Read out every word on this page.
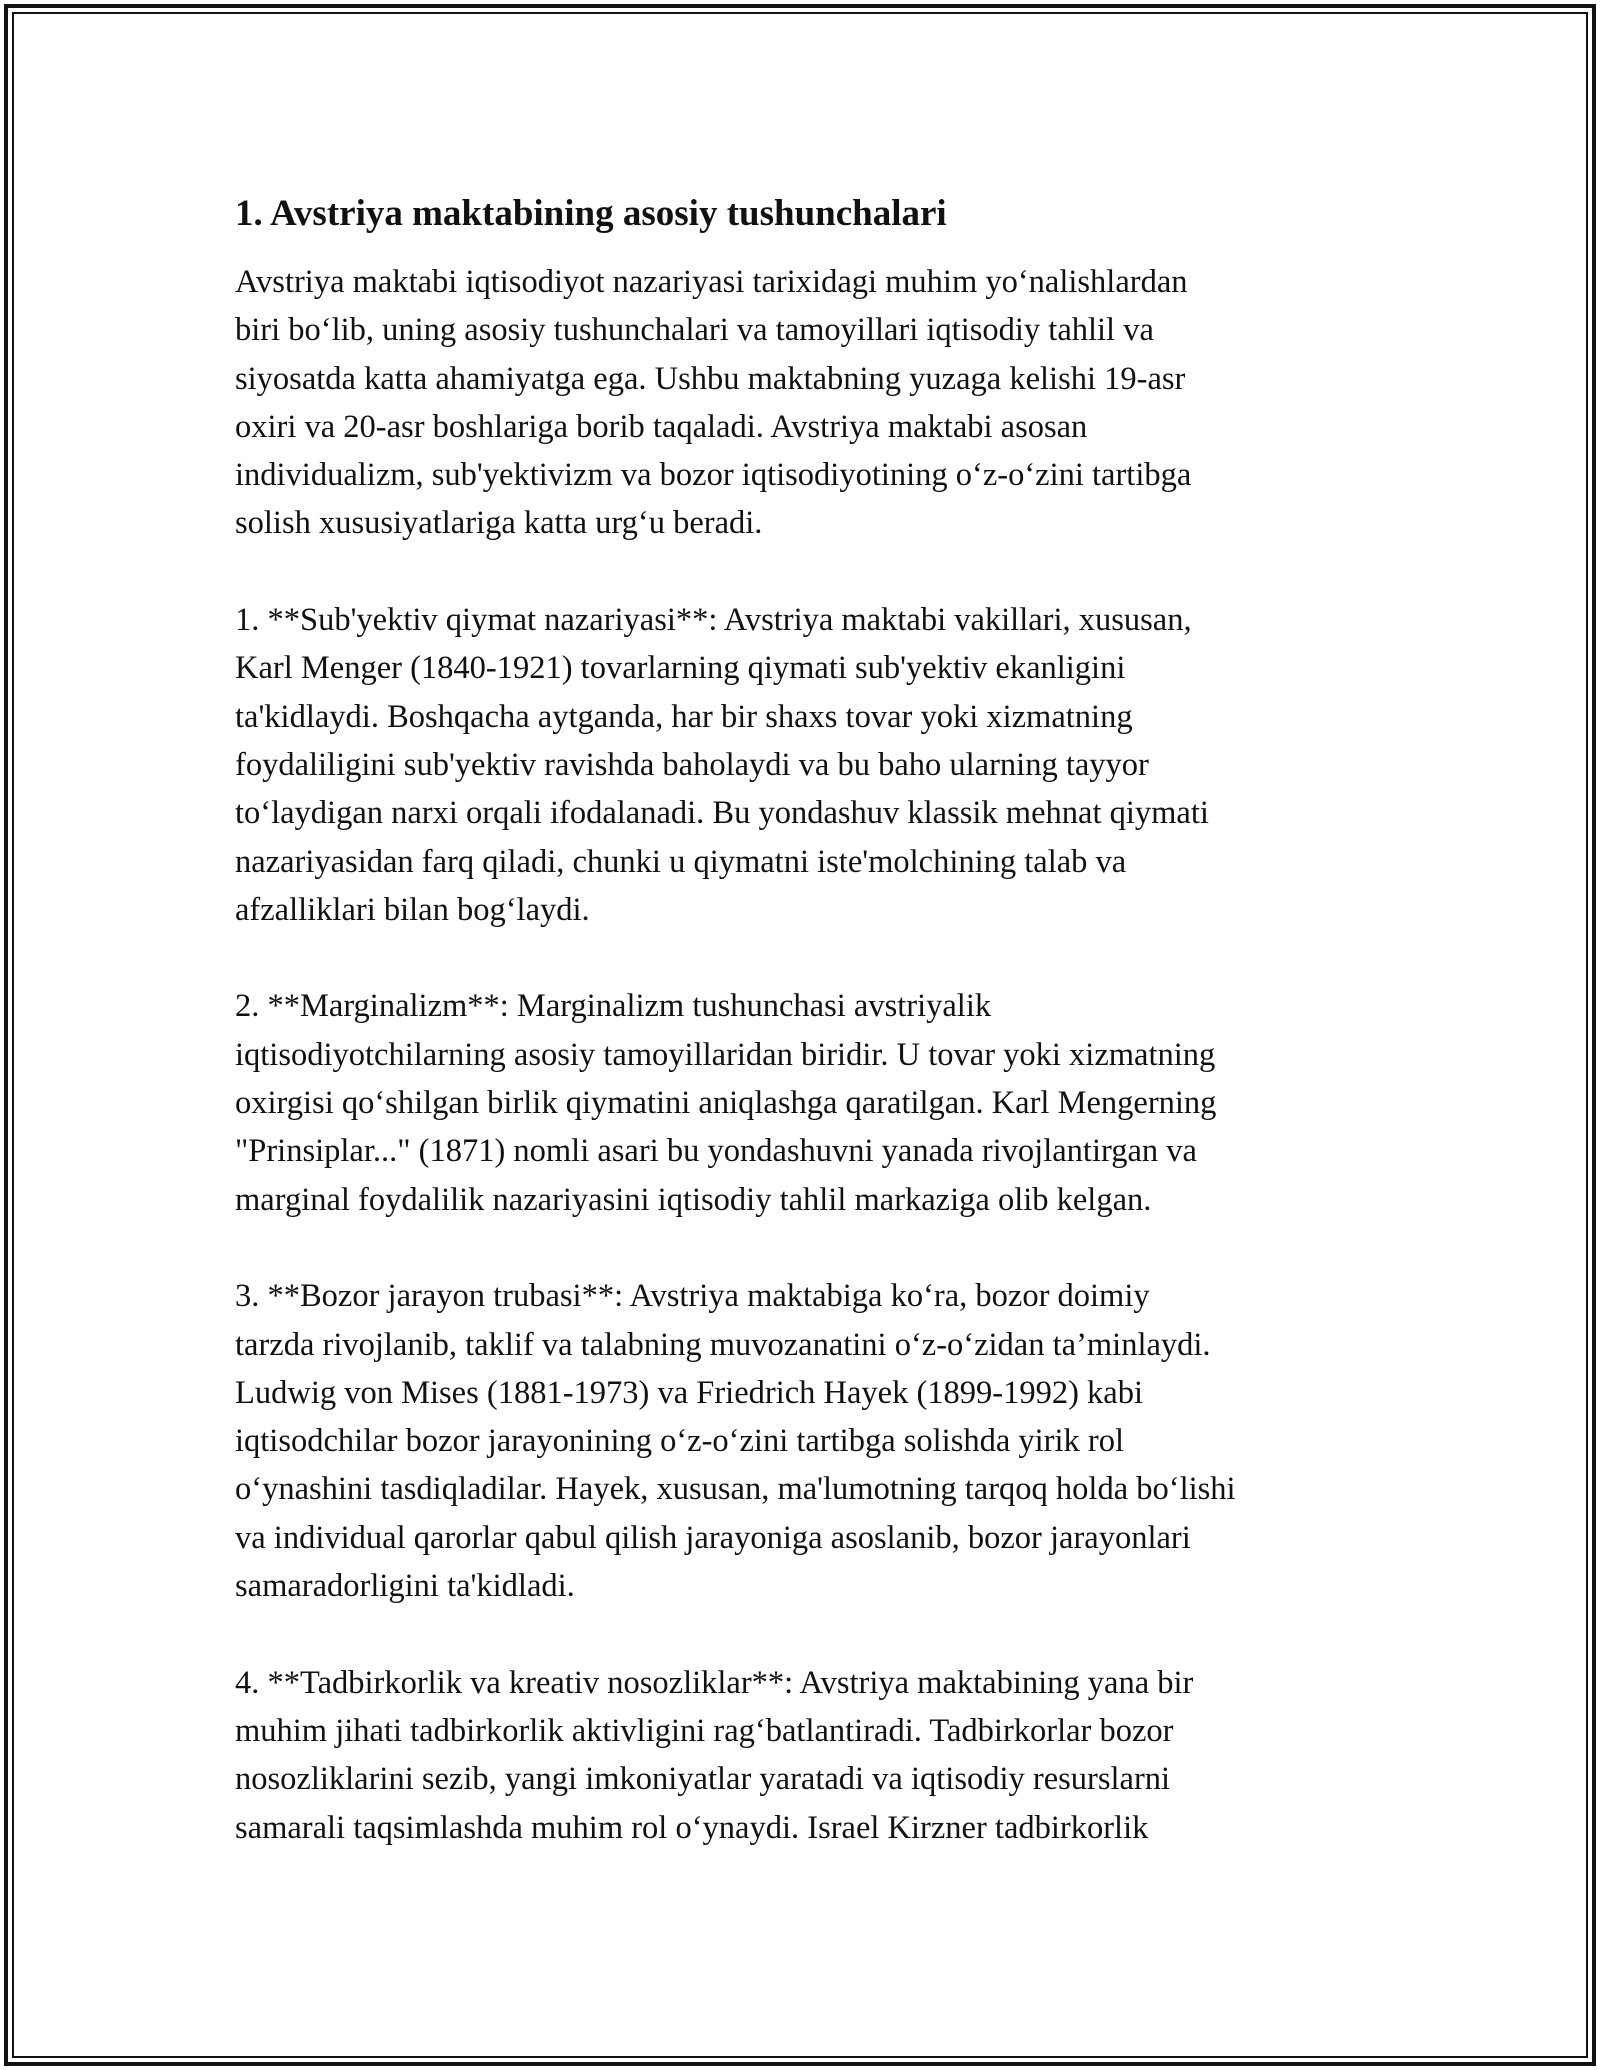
1. Avstriya maktabining asosiy tushunchalari

Avstriya maktabi iqtisodiyot nazariyasi tarixidagi muhim yo‘nalishlardan
biri bo‘lib, uning asosiy tushunchalari va tamoyillari iqtisodiy tahlil va
siyosatda katta ahamiyatga ega. Ushbu maktabning yuzaga kelishi 19-asr
oxiri va 20-asr boshlariga borib taqaladi. Avstriya maktabi asosan
individualizm, sub'yektivizm va bozor iqtisodiyotining o‘z-o‘zini tartibga
solish xususiyatlariga katta urg‘u beradi.

1. **Sub'yektiv qiymat nazariyasi**: Avstriya maktabi vakillari, xususan,
Karl Menger (1840-1921) tovarlarning qiymati sub'yektiv ekanligini
ta'kidlaydi. Boshqacha aytganda, har bir shaxs tovar yoki xizmatning
foydaliligini sub'yektiv ravishda baholaydi va bu baho ularning tayyor
to‘laydigan narxi orqali ifodalanadi. Bu yondashuv klassik mehnat qiymati
nazariyasidan farq qiladi, chunki u qiymatni iste'molchining talab va
afzalliklari bilan bog‘laydi.

2. **Marginalizm**: Marginalizm tushunchasi avstriyalik
iqtisodiyotchilarning asosiy tamoyillaridan biridir. U tovar yoki xizmatning
oxirgisi qo‘shilgan birlik qiymatini aniqlashga qaratilgan. Karl Mengerning
"Prinsiplar..." (1871) nomli asari bu yondashuvni yanada rivojlantirgan va
marginal foydalilik nazariyasini iqtisodiy tahlil markaziga olib kelgan.

3. **Bozor jarayon trubasi**: Avstriya maktabiga ko‘ra, bozor doimiy
tarzda rivojlanib, taklif va talabning muvozanatini o‘z-o‘zidan ta’minlaydi.
Ludwig von Mises (1881-1973) va Friedrich Hayek (1899-1992) kabi
iqtisodchilar bozor jarayonining o‘z-o‘zini tartibga solishda yirik rol
o‘ynashini tasdiqladilar. Hayek, xususan, ma'lumotning tarqoq holda bo‘lishi
va individual qarorlar qabul qilish jarayoniga asoslanib, bozor jarayonlari
samaradorligini ta'kidladi.

4. **Tadbirkorlik va kreativ nosozliklar**: Avstriya maktabining yana bir
muhim jihati tadbirkorlik aktivligini rag‘batlantiradi. Tadbirkorlar bozor
nosozliklarini sezib, yangi imkoniyatlar yaratadi va iqtisodiy resurslarni
samarali taqsimlashda muhim rol o‘ynaydi. Israel Kirzner tadbirkorlik
